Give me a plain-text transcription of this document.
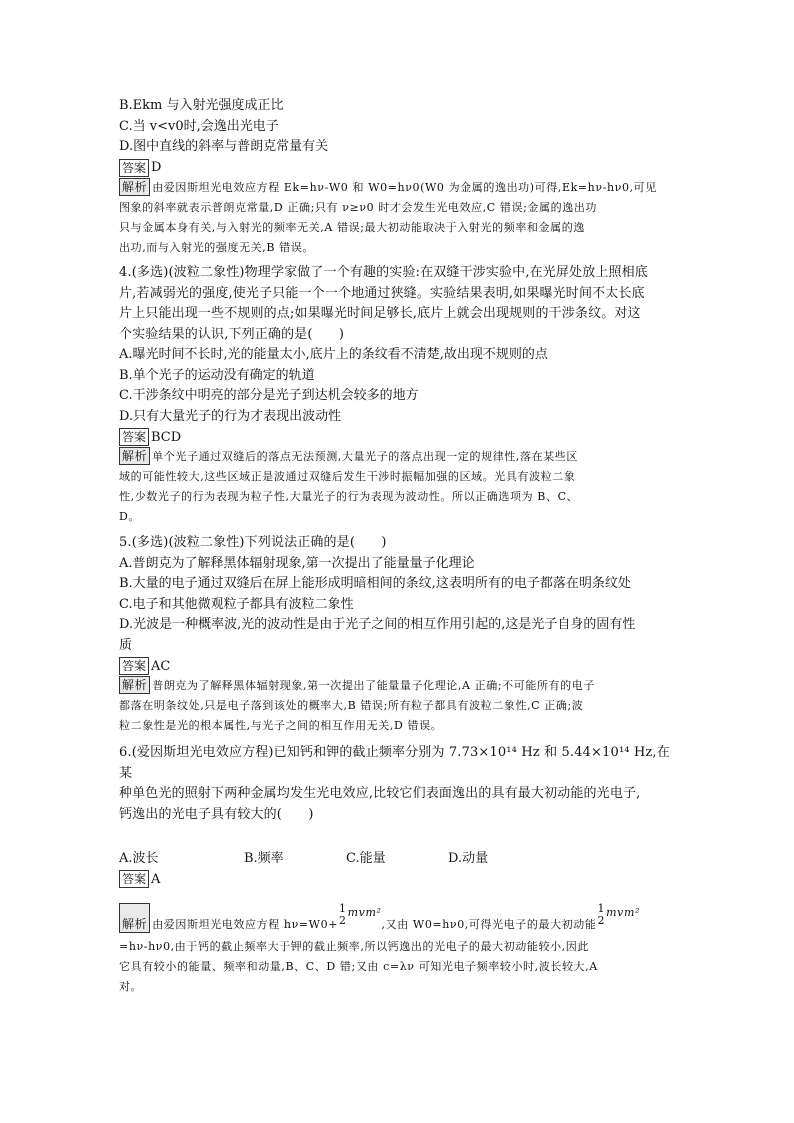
B.Ekm 与入射光强度成正比
C.当 v<v0时,会逸出光电子
D.图中直线的斜率与普朗克常量有关
答案 D
解析 由爱因斯坦光电效应方程 Ek=hν-W0 和 W0=hν0(W0 为金属的逸出功)可得,Ek=hν-hν0,可见
图象的斜率就表示普朗克常量,D 正确;只有 ν≥ν0 时才会发生光电效应,C 错误;金属的逸出功
只与金属本身有关,与入射光的频率无关,A 错误;最大初动能取决于入射光的频率和金属的逸
出功,而与入射光的强度无关,B 错误。
4.(多选)(波粒二象性)物理学家做了一个有趣的实验:在双缝干涉实验中,在光屏处放上照相底
片,若减弱光的强度,使光子只能一个一个地通过狭缝。实验结果表明,如果曝光时间不太长底
片上只能出现一些不规则的点;如果曝光时间足够长,底片上就会出现规则的干涉条纹。对这
个实验结果的认识,下列正确的是(　　)
A.曝光时间不长时,光的能量太小,底片上的条纹看不清楚,故出现不规则的点
B.单个光子的运动没有确定的轨道
C.干涉条纹中明亮的部分是光子到达机会较多的地方
D.只有大量光子的行为才表现出波动性
答案 BCD
解析 单个光子通过双缝后的落点无法预测,大量光子的落点出现一定的规律性,落在某些区
域的可能性较大,这些区域正是波通过双缝后发生干涉时振幅加强的区域。光具有波粒二象
性,少数光子的行为表现为粒子性,大量光子的行为表现为波动性。所以正确选项为 B、C、
D。
5.(多选)(波粒二象性)下列说法正确的是(　　)
A.普朗克为了解释黑体辐射现象,第一次提出了能量量子化理论
B.大量的电子通过双缝后在屏上能形成明暗相间的条纹,这表明所有的电子都落在明条纹处
C.电子和其他微观粒子都具有波粒二象性
D.光波是一种概率波,光的波动性是由于光子之间的相互作用引起的,这是光子自身的固有性
质
答案 AC
解析 普朗克为了解释黑体辐射现象,第一次提出了能量量子化理论,A 正确;不可能所有的电子
都落在明条纹处,只是电子落到该处的概率大,B 错误;所有粒子都具有波粒二象性,C 正确;波
粒二象性是光的根本属性,与光子之间的相互作用无关,D 错误。
6.(爱因斯坦光电效应方程)已知钙和钾的截止频率分别为 7.73×10¹⁴ Hz 和 5.44×10¹⁴ Hz,在某
种单色光的照射下两种金属均发生光电效应,比较它们表面逸出的具有最大初动能的光电子,
钙逸出的光电子具有较大的(　　)
A.波长	B.频率	C.能量	D.动量
答案 A
解析 由爱因斯坦光电效应方程 hν=W0+
1
2
mvm²
,又由 W0=hν0,可得光电子的最大初动能
1
2
mvm²
=hν-hν0,由于钙的截止频率大于钾的截止频率,所以钙逸出的光电子的最大初动能较小,因此
它具有较小的能量、频率和动量,B、C、D 错;又由 c=λν 可知光电子频率较小时,波长较大,A
对。
